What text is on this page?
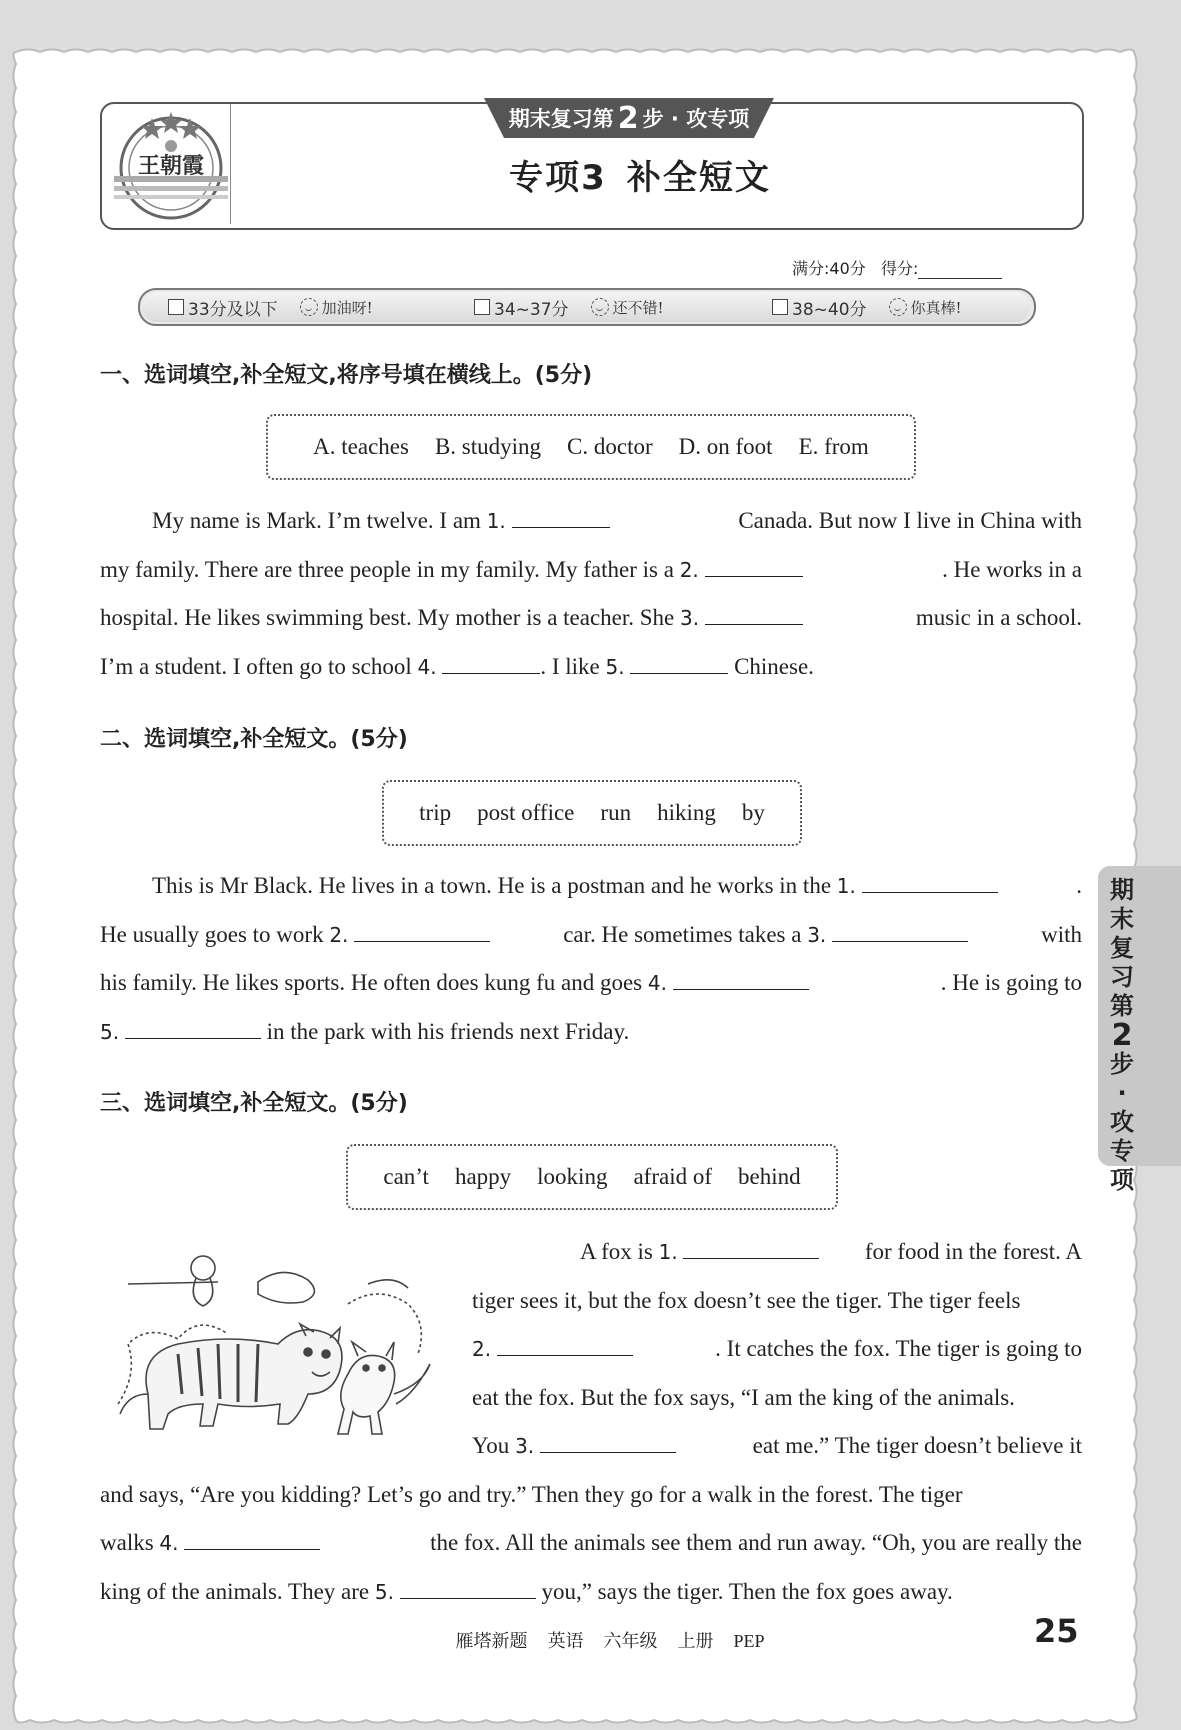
王朝霞
期末复习第 2 步 · 攻专项
专项3 补全短文
满分:40分 得分:
33分及以下	加油呀!	34~37分	还不错!	38~40分	你真棒!
一、选词填空,补全短文,将序号填在横线上。(5分)
A. teaches B. studying C. doctor D. on foot E. from
My name is Mark. I’m twelve. I am 1.	Canada. But now I live in China with
my family. There are three people in my family. My father is a 2.	. He works in a
hospital. He likes swimming best. My mother is a teacher. She 3.	music in a school.
I’m a student. I often go to school 4.	. I like 5.	Chinese.
二、选词填空,补全短文。(5分)
trip post office run hiking by
This is Mr Black. He lives in a town. He is a postman and he works in the 1.	.
He usually goes to work 2.	car. He sometimes takes a 3.	with
his family. He likes sports. He often does kung fu and goes 4.	. He is going to
5.	in the park with his friends next Friday.
三、选词填空,补全短文。(5分)
can’t happy looking afraid of behind
A fox is 1.	for food in the forest. A
tiger sees it, but the fox doesn’t see the tiger. The tiger feels
2.	. It catches the fox. The tiger is going to
eat the fox. But the fox says, “I am the king of the animals.
You 3.	eat me.” The tiger doesn’t believe it
and says, “Are you kidding? Let’s go and try.” Then they go for a walk in the forest. The tiger
walks 4.	the fox. All the animals see them and run away. “Oh, you are really the
king of the animals. They are 5.	you,” says the tiger. Then the fox goes away.
期
末
复
习
第
2
步
·
攻
专
项
雁塔新题 英语 六年级 上册 PEP	25
